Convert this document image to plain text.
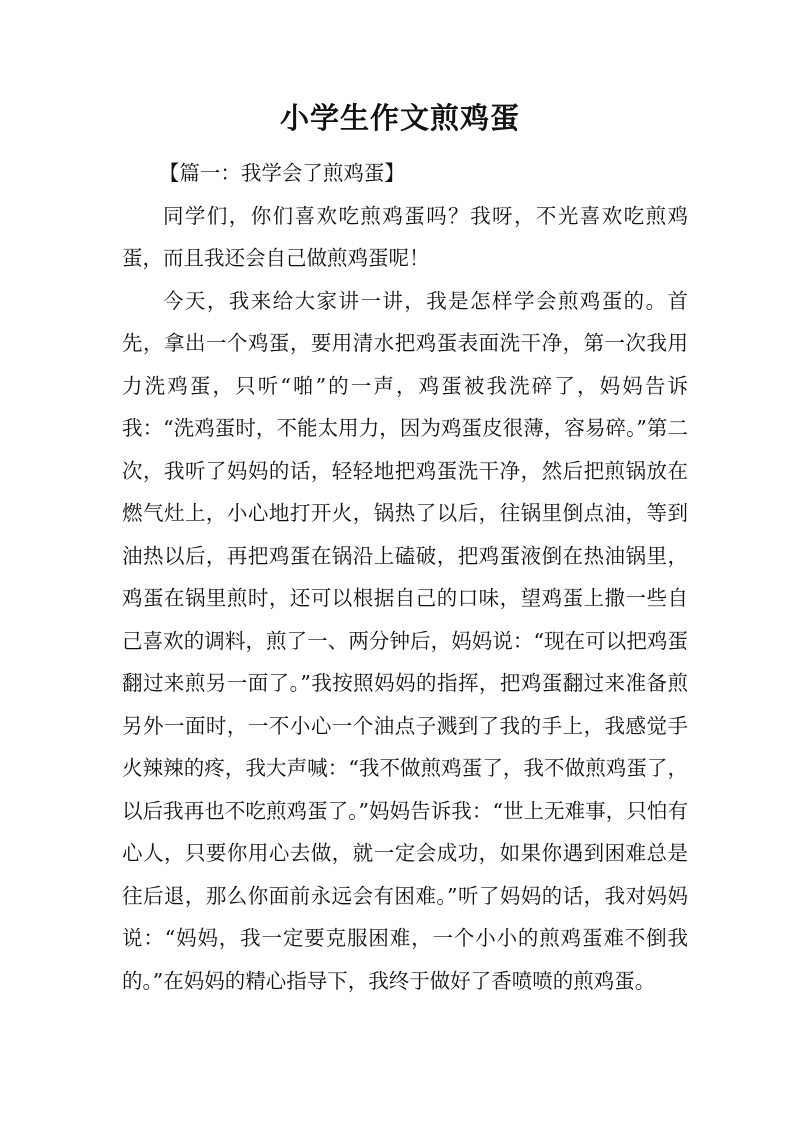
小学生作文煎鸡蛋

【篇一：我学会了煎鸡蛋】

同学们，你们喜欢吃煎鸡蛋吗？我呀，不光喜欢吃煎鸡蛋，而且我还会自己做煎鸡蛋呢！

今天，我来给大家讲一讲，我是怎样学会煎鸡蛋的。首先，拿出一个鸡蛋，要用清水把鸡蛋表面洗干净，第一次我用力洗鸡蛋，只听“啪”的一声，鸡蛋被我洗碎了，妈妈告诉我：“洗鸡蛋时，不能太用力，因为鸡蛋皮很薄，容易碎。”第二次，我听了妈妈的话，轻轻地把鸡蛋洗干净，然后把煎锅放在燃气灶上，小心地打开火，锅热了以后，往锅里倒点油，等到油热以后，再把鸡蛋在锅沿上磕破，把鸡蛋液倒在热油锅里，鸡蛋在锅里煎时，还可以根据自己的口味，望鸡蛋上撒一些自己喜欢的调料，煎了一、两分钟后，妈妈说：“现在可以把鸡蛋翻过来煎另一面了。”我按照妈妈的指挥，把鸡蛋翻过来准备煎另外一面时，一不小心一个油点子溅到了我的手上，我感觉手火辣辣的疼，我大声喊：“我不做煎鸡蛋了，我不做煎鸡蛋了，以后我再也不吃煎鸡蛋了。”妈妈告诉我：“世上无难事，只怕有心人，只要你用心去做，就一定会成功，如果你遇到困难总是往后退，那么你面前永远会有困难。”听了妈妈的话，我对妈妈说：“妈妈，我一定要克服困难，一个小小的煎鸡蛋难不倒我的。”在妈妈的精心指导下，我终于做好了香喷喷的煎鸡蛋。
